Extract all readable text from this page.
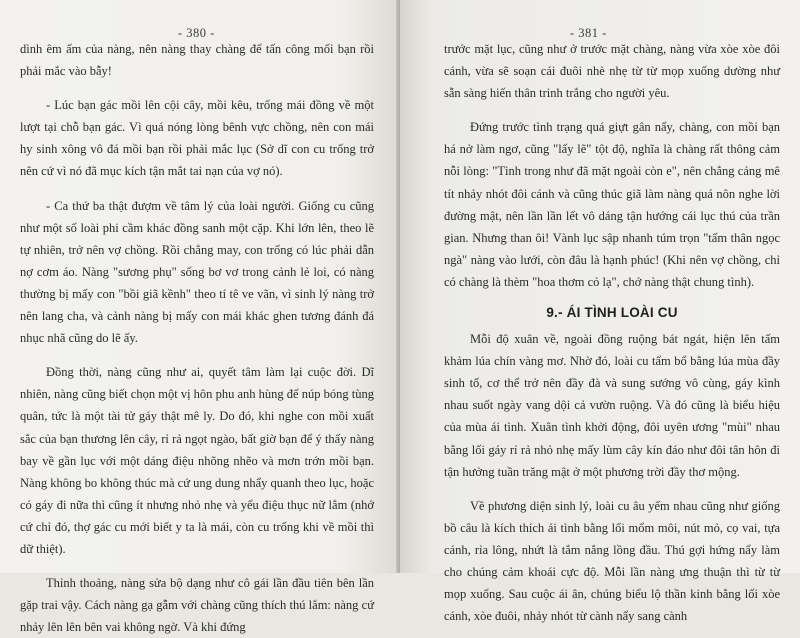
- 380 -

dình êm ấm của nàng, nên nàng thay chàng để tấn công mối bạn rồi phải mắc vào bẫy!

- Lúc bạn gác mồi lên cội cây, mồi kêu, trống mái đồng về một lượt tại chỗ bạn gác. Vì quá nóng lòng bênh vực chồng, nên con mái hy sinh xông vô đá mồi bạn rồi phải mắc lục (Sở dĩ con cu trống trở nên cứ vì nó đã mục kích tận mắt tai nạn của vợ nó).

- Ca thứ ba thật đượm về tâm lý của loài người. Giống cu cũng như một số loài phi cầm khác đồng sanh một cặp. Khi lớn lên, theo lẽ tự nhiên, trở nên vợ chồng. Rồi chẳng may, con trống có lúc phải dẫn nợ cơm áo. Nàng "sương phụ" sống bơ vơ trong cảnh lẻ loi, có nàng thường bị mấy con "bồi giã kềnh" theo tí tê ve vãn, vì sinh lý nàng trở nên lang cha, và cảnh nàng bị mấy con mái khác ghen tương đánh đá nhục nhã cũng do lẽ ấy.

Đồng thời, nàng cũng như ai, quyết tâm làm lại cuộc đời. Dĩ nhiên, nàng cũng biết chọn một vị hôn phu anh hùng để núp bóng tùng quân, tức là một tài tử gáy thật mê ly. Do đó, khi nghe con mồi xuất sắc của bạn thương lên cây, rỉ rả ngọt ngào, bất giờ bạn để ý thấy nàng bay về gần lục với một dáng điệu nhõng nhẽo và mơn trớn mồi bạn. Nàng không bo không thúc mà cứ ung dung nhẩy quanh theo lục, hoặc có gáy đi nữa thì cũng ít nhưng nhỏ nhẹ và yểu điệu thục nữ lắm (nhớ cứ chỉ đó, thợ gác cu mới biết y ta là mái, còn cu trống khi về mồi thì dữ thiệt).

Thỉnh thoảng, nàng sửa bộ dạng như cô gái lần đầu tiên bên lần gặp trai vậy. Cách nàng gạ gẫm với chàng cũng thích thú lắm: nàng cứ nhảy lên lên bên vai không ngờ. Và khi đứng

- 381 -

trước mặt lục, cũng như ở trước mặt chàng, nàng vừa xòe xòe đôi cánh, vừa sẽ soạn cái đuôi nhè nhẹ từ từ mọp xuống dường như sẵn sàng hiến thân trinh trắng cho người yêu.

Đứng trước tình trạng quá giựt gân nẩy, chàng, con mồi bạn há nở làm ngơ, cũng "lấy lẽ" tột độ, nghĩa là chàng rất thông cảm nỗi lòng: "Tình trong như đã mặt ngoài còn e", nên chẳng cảng mê tít nhảy nhót đôi cánh và cũng thúc giã làm nàng quá nôn nghe lời đường mật, nên lần lần lết vô dáng tận hướng cái lục thú của trần gian. Nhưng than ôi! Vành lục sập nhanh túm trọn "tấm thân ngọc ngà" nàng vào lưới, còn đâu là hạnh phúc! (Khi nên vợ chồng, chỉ có chàng là thèm "hoa thơm cỏ lạ", chớ nàng thật chung tình).

9.- ÁI TÌNH LOÀI CU

Mỗi độ xuân về, ngoài đồng ruộng bát ngát, hiện lên tấm khảm lúa chín vàng mơ. Nhờ đó, loài cu tẩm bổ bằng lúa mùa đầy sinh tố, cơ thể trở nên đầy đà và sung sướng vô cùng, gáy kình nhau suốt ngày vang dội cả vườn ruộng. Và đó cũng là biểu hiệu của mùa ái tình. Xuân tình khởi động, đôi uyên ương "mùi" nhau bằng lối gáy rỉ rả nhỏ nhẹ mấy lùm cây kín đáo như đôi tân hôn đi tận hưởng tuần trăng mật ở một phương trời đầy thơ mộng.

Về phương diện sinh lý, loài cu âu yếm nhau cũng như giống bồ câu là kích thích ái tình bằng lối mổm môi, nút mỏ, cọ vai, tựa cánh, rỉa lông, nhứt là tắm nắng lồng đầu. Thú gợi hứng nẩy làm cho chúng cảm khoái cực độ. Mỗi lần nàng ưng thuận thì từ từ mọp xuống. Sau cuộc ái ân, chúng biểu lộ thần kinh bằng lối xòe cánh, xòe đuôi, nhảy nhót từ cành nẩy sang cành
